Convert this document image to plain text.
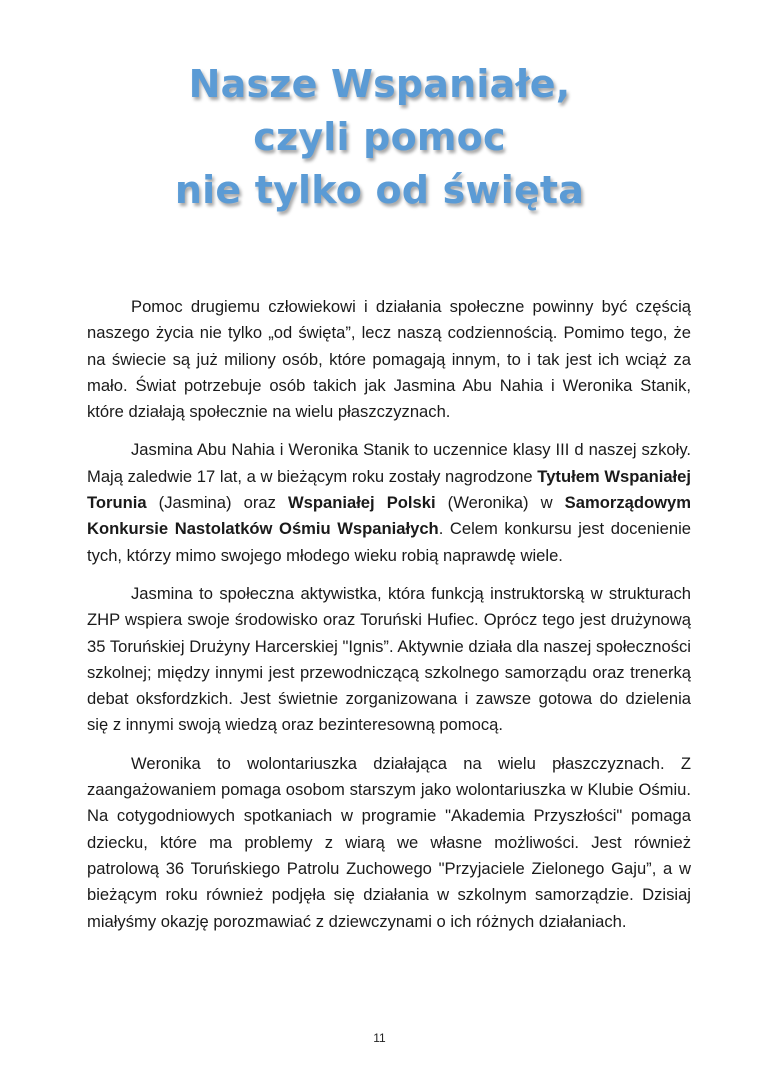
Nasze Wspaniałe,
czyli pomoc
nie tylko od święta

Pomoc drugiemu człowiekowi i działania społeczne powinny być częścią naszego życia nie tylko „od święta”, lecz naszą codziennością. Pomimo tego, że na świecie są już miliony osób, które pomagają innym, to i tak jest ich wciąż za mało. Świat potrzebuje osób takich jak Jasmina Abu Nahia i Weronika Stanik, które działają społecznie na wielu płaszczyznach.

Jasmina Abu Nahia i Weronika Stanik to uczennice klasy III d naszej szkoły. Mają zaledwie 17 lat, a w bieżącym roku zostały nagrodzone Tytułem Wspaniałej Torunia (Jasmina) oraz Wspaniałej Polski (Weronika) w Samorządowym Konkursie Nastolatków Ośmiu Wspaniałych. Celem konkursu jest docenienie tych, którzy mimo swojego młodego wieku robią naprawdę wiele.

Jasmina to społeczna aktywistka, która funkcją instruktorską w strukturach ZHP wspiera swoje środowisko oraz Toruński Hufiec. Oprócz tego jest drużynową 35 Toruńskiej Drużyny Harcerskiej "Ignis”. Aktywnie działa dla naszej społeczności szkolnej; między innymi jest przewodniczącą szkolnego samorządu oraz trenerką debat oksfordzkich. Jest świetnie zorganizowana i zawsze gotowa do dzielenia się z innymi swoją wiedzą oraz bezinteresowną pomocą.

Weronika to wolontariuszka działająca na wielu płaszczyznach. Z zaangażowaniem pomaga osobom starszym jako wolontariuszka w Klubie Ośmiu. Na cotygodniowych spotkaniach w programie "Akademia Przyszłości" pomaga dziecku, które ma problemy z wiarą we własne możliwości. Jest również patrolową 36 Toruńskiego Patrolu Zuchowego "Przyjaciele Zielonego Gaju”, a w bieżącym roku również podjęła się działania w szkolnym samorządzie. Dzisiaj miałyśmy okazję porozmawiać z dziewczynami o ich różnych działaniach.

11
